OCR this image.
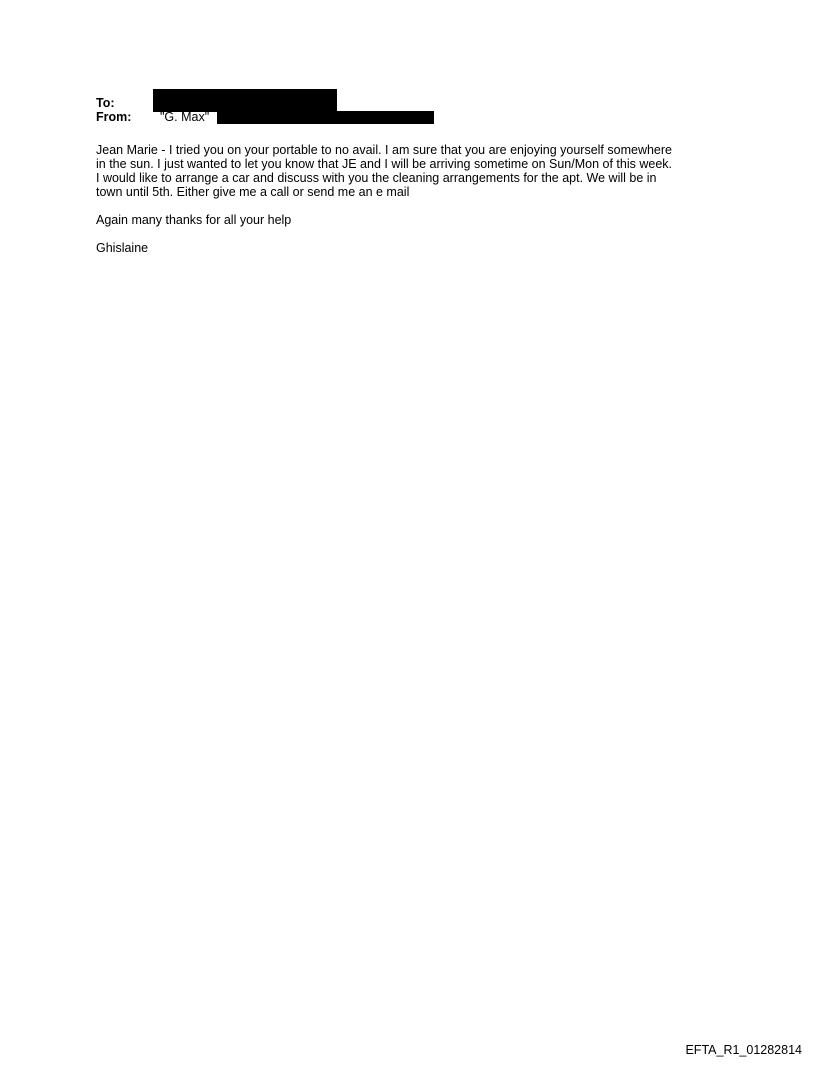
To:
From: "G. Max"

Jean Marie - I tried you on your portable to no avail. I am sure that you are enjoying yourself somewhere
in the sun. I just wanted to let you know that JE and I will be arriving sometime on Sun/Mon of this week.
I would like to arrange a car and discuss with you the cleaning arrangements for the apt. We will be in
town until 5th. Either give me a call or send me an e mail

Again many thanks for all your help

Ghislaine

EFTA_R1_01282814
